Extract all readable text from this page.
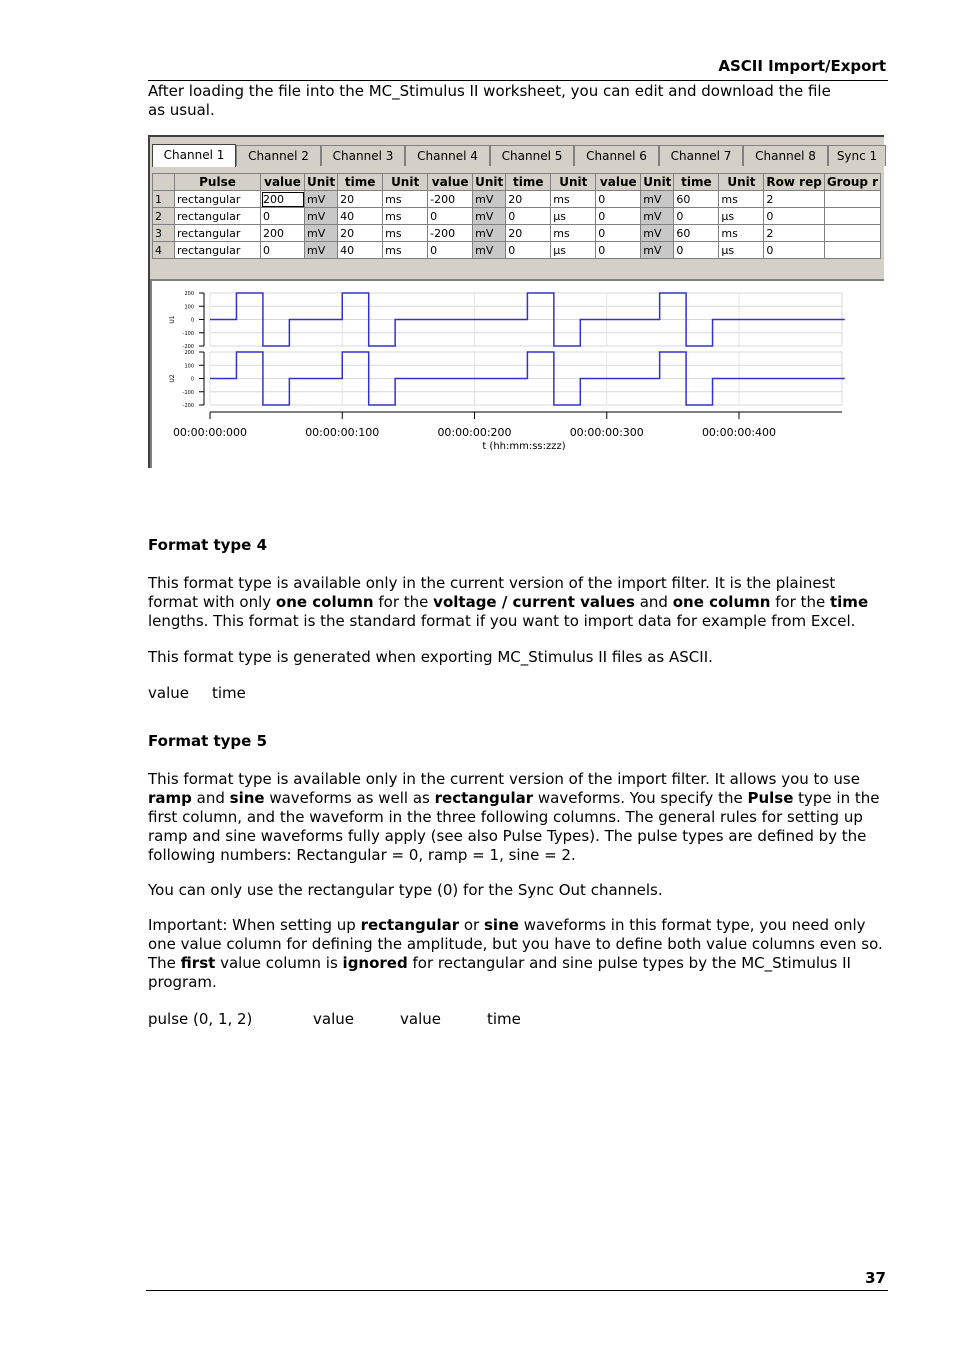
ASCII Import/Export

After loading the file into the MC_Stimulus II worksheet, you can edit and download the file as usual.

Channel 1	Channel 2	Channel 3	Channel 4	Channel 5	Channel 6	Channel 7	Channel 8	Sync 1
	Pulse	value	Unit	time	Unit	value	Unit	time	Unit	value	Unit	time	Unit	Row rep	Group r
1	rectangular	200	mV	20	ms	-200	mV	20	ms	0	mV	60	ms	2	
2	rectangular	0	mV	40	ms	0	mV	0	µs	0	mV	0	µs	0	
3	rectangular	200	mV	20	ms	-200	mV	20	ms	0	mV	60	ms	2	
4	rectangular	0	mV	40	ms	0	mV	0	µs	0	mV	0	µs	0	
200
100
0
-100
-200
U1
200
100
0
-100
-200
U2
00:00:00:000	00:00:00:100	00:00:00:200	00:00:00:300	00:00:00:400
t (hh:mm:ss:zzz)
Format type 4

This format type is available only in the current version of the import filter. It is the plainest format with only one column for the voltage / current values and one column for the time lengths. This format is the standard format if you want to import data for example from Excel.

This format type is generated when exporting MC_Stimulus II files as ASCII.

value time
Format type 5

This format type is available only in the current version of the import filter. It allows you to use ramp and sine waveforms as well as rectangular waveforms. You specify the Pulse type in the first column, and the waveform in the three following columns. The general rules for setting up ramp and sine waveforms fully apply (see also Pulse Types). The pulse types are defined by the following numbers: Rectangular = 0, ramp = 1, sine = 2.

You can only use the rectangular type (0) for the Sync Out channels.

Important: When setting up rectangular or sine waveforms in this format type, you need only one value column for defining the amplitude, but you have to define both value columns even so. The first value column is ignored for rectangular and sine pulse types by the MC_Stimulus II program.

pulse (0, 1, 2)	value	value	time
37
